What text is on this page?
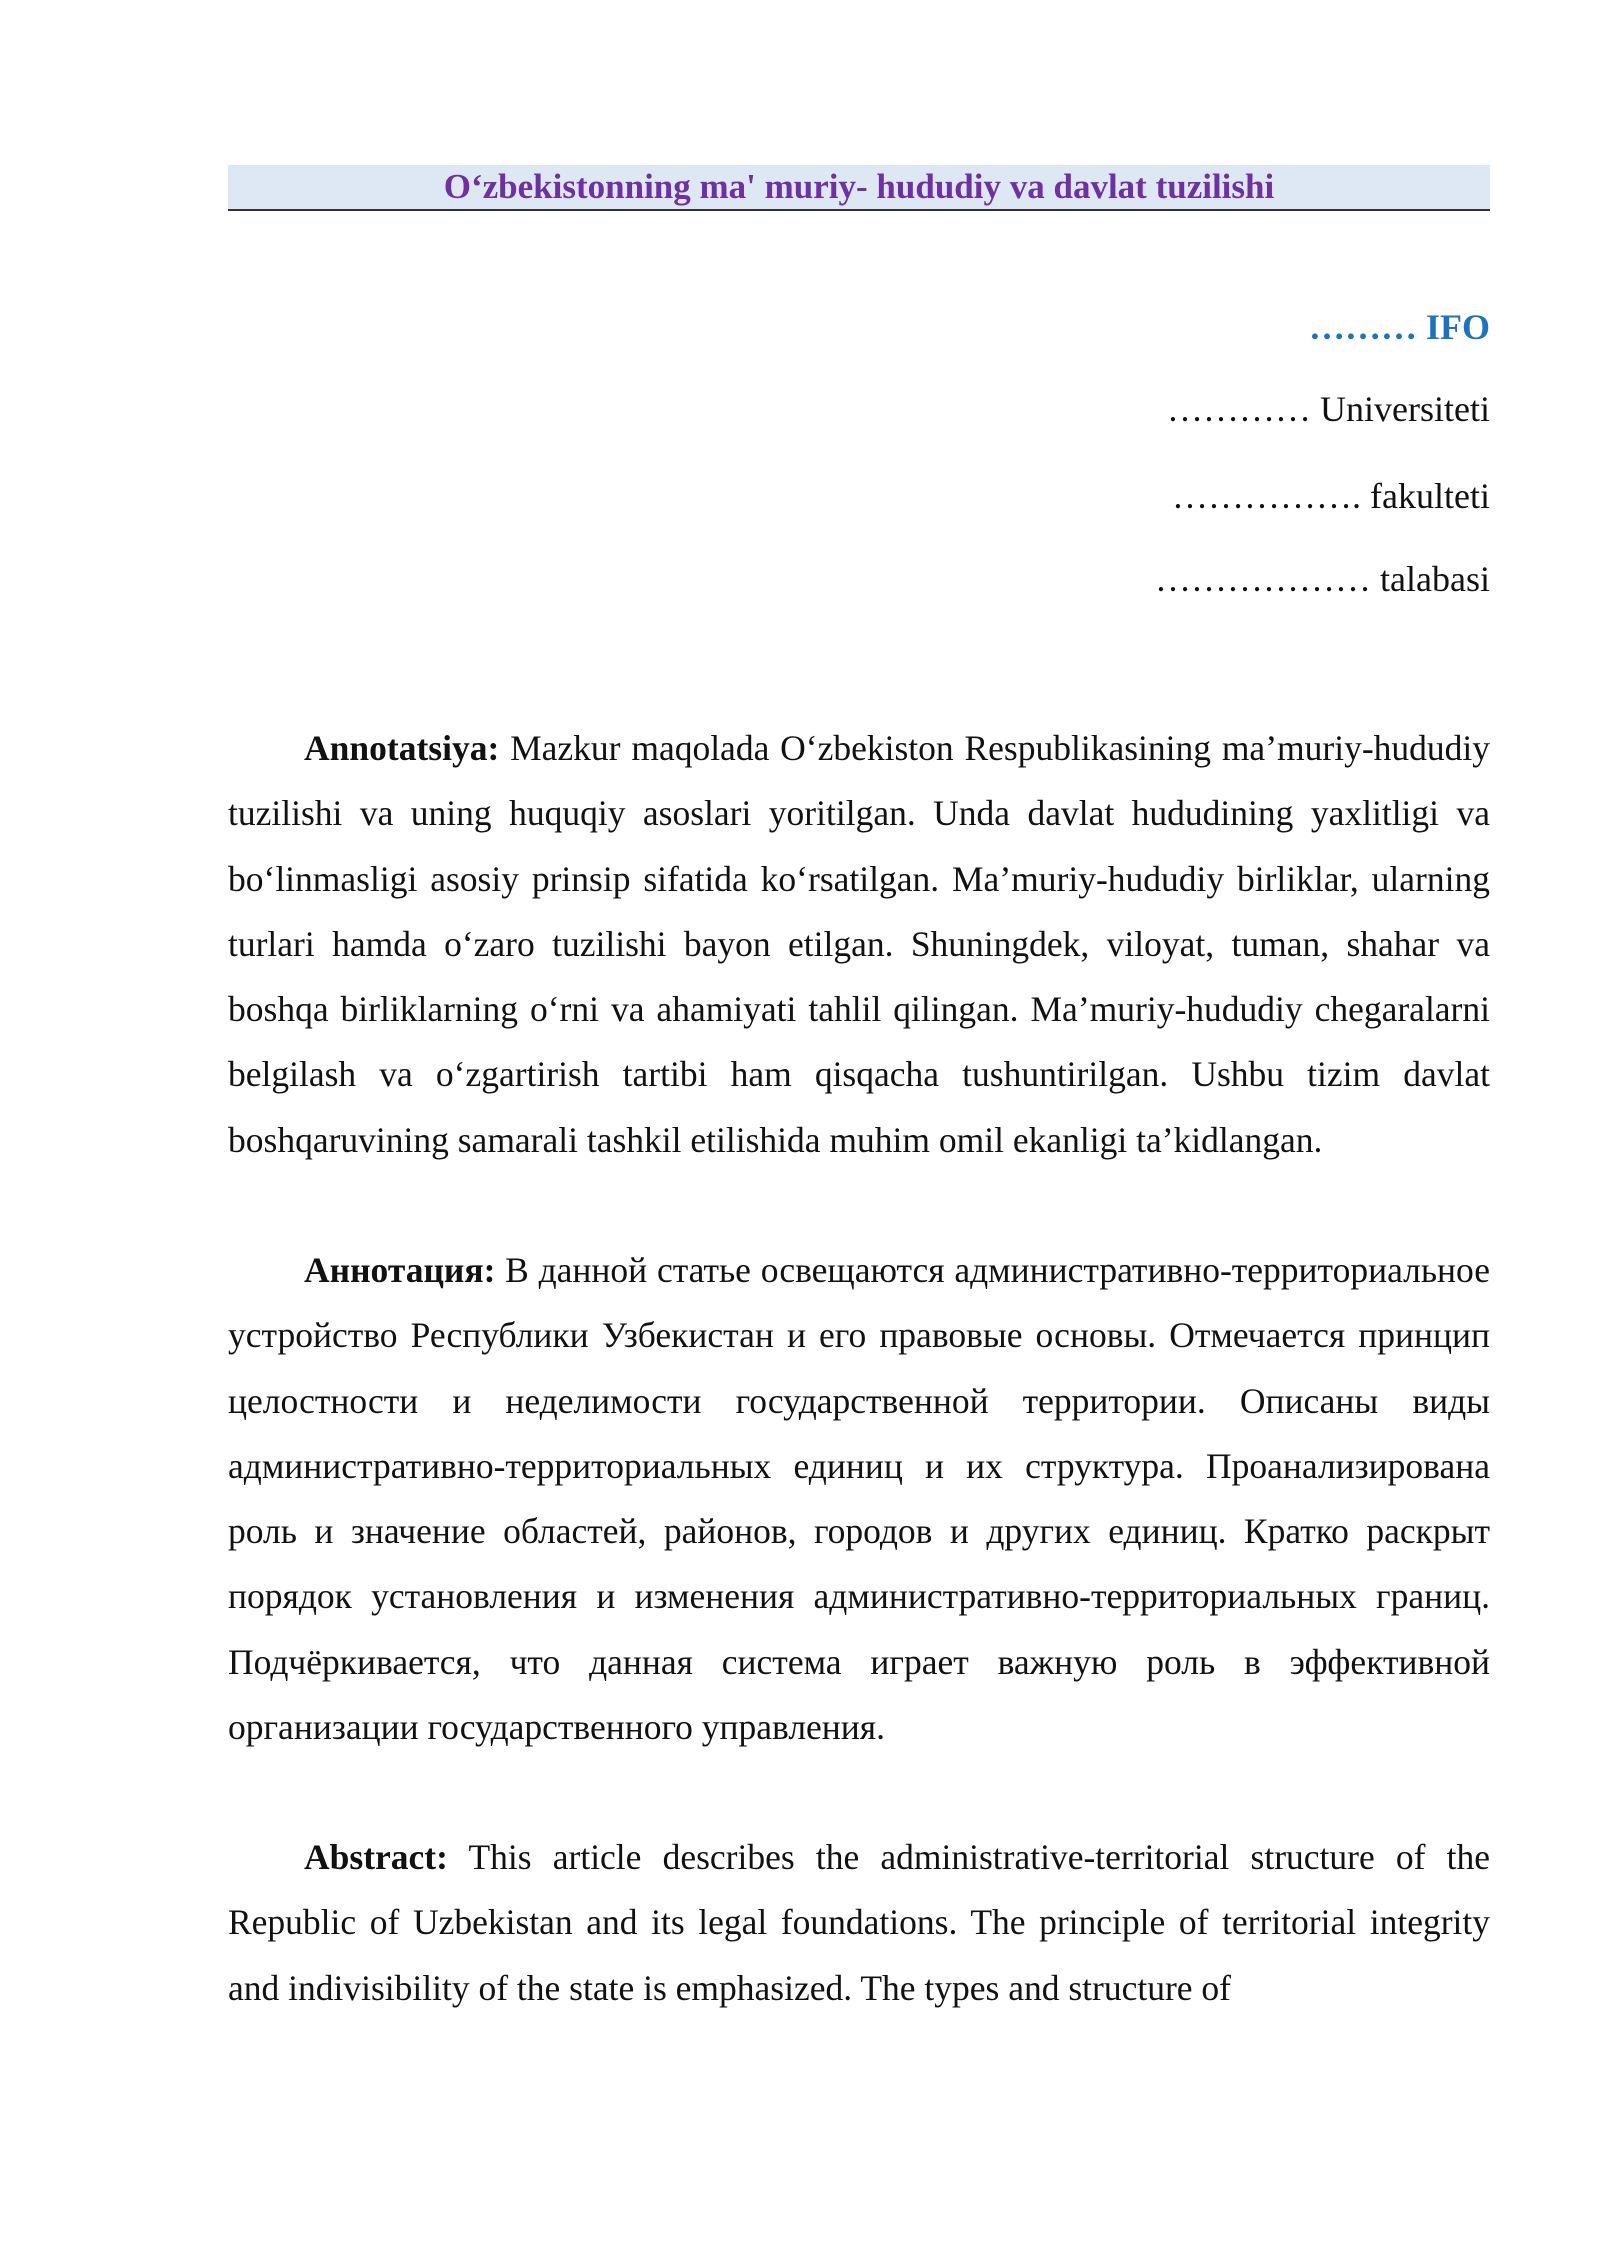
O‘zbekistonning ma' muriy- hududiy va davlat tuzilishi
……… IFO
………… Universiteti
……………. fakulteti
……………… talabasi

Annotatsiya: Mazkur maqolada O‘zbekiston Respublikasining ma’muriy-hududiy tuzilishi va uning huquqiy asoslari yoritilgan. Unda davlat hududining yaxlitligi va bo‘linmasligi asosiy prinsip sifatida ko‘rsatilgan. Ma’muriy-hududiy birliklar, ularning turlari hamda o‘zaro tuzilishi bayon etilgan. Shuningdek, viloyat, tuman, shahar va boshqa birliklarning o‘rni va ahamiyati tahlil qilingan. Ma’muriy-hududiy chegaralarni belgilash va o‘zgartirish tartibi ham qisqacha tushuntirilgan. Ushbu tizim davlat boshqaruvining samarali tashkil etilishida muhim omil ekanligi ta’kidlangan.

Аннотация: В данной статье освещаются административно-территориальное устройство Республики Узбекистан и его правовые основы. Отмечается принцип целостности и неделимости государственной территории. Описаны виды административно-территориальных единиц и их структура. Проанализирована роль и значение областей, районов, городов и других единиц. Кратко раскрыт порядок установления и изменения административно-территориальных границ. Подчёркивается, что данная система играет важную роль в эффективной организации государственного управления.

Abstract: This article describes the administrative-territorial structure of the Republic of Uzbekistan and its legal foundations. The principle of territorial integrity and indivisibility of the state is emphasized. The types and structure of
